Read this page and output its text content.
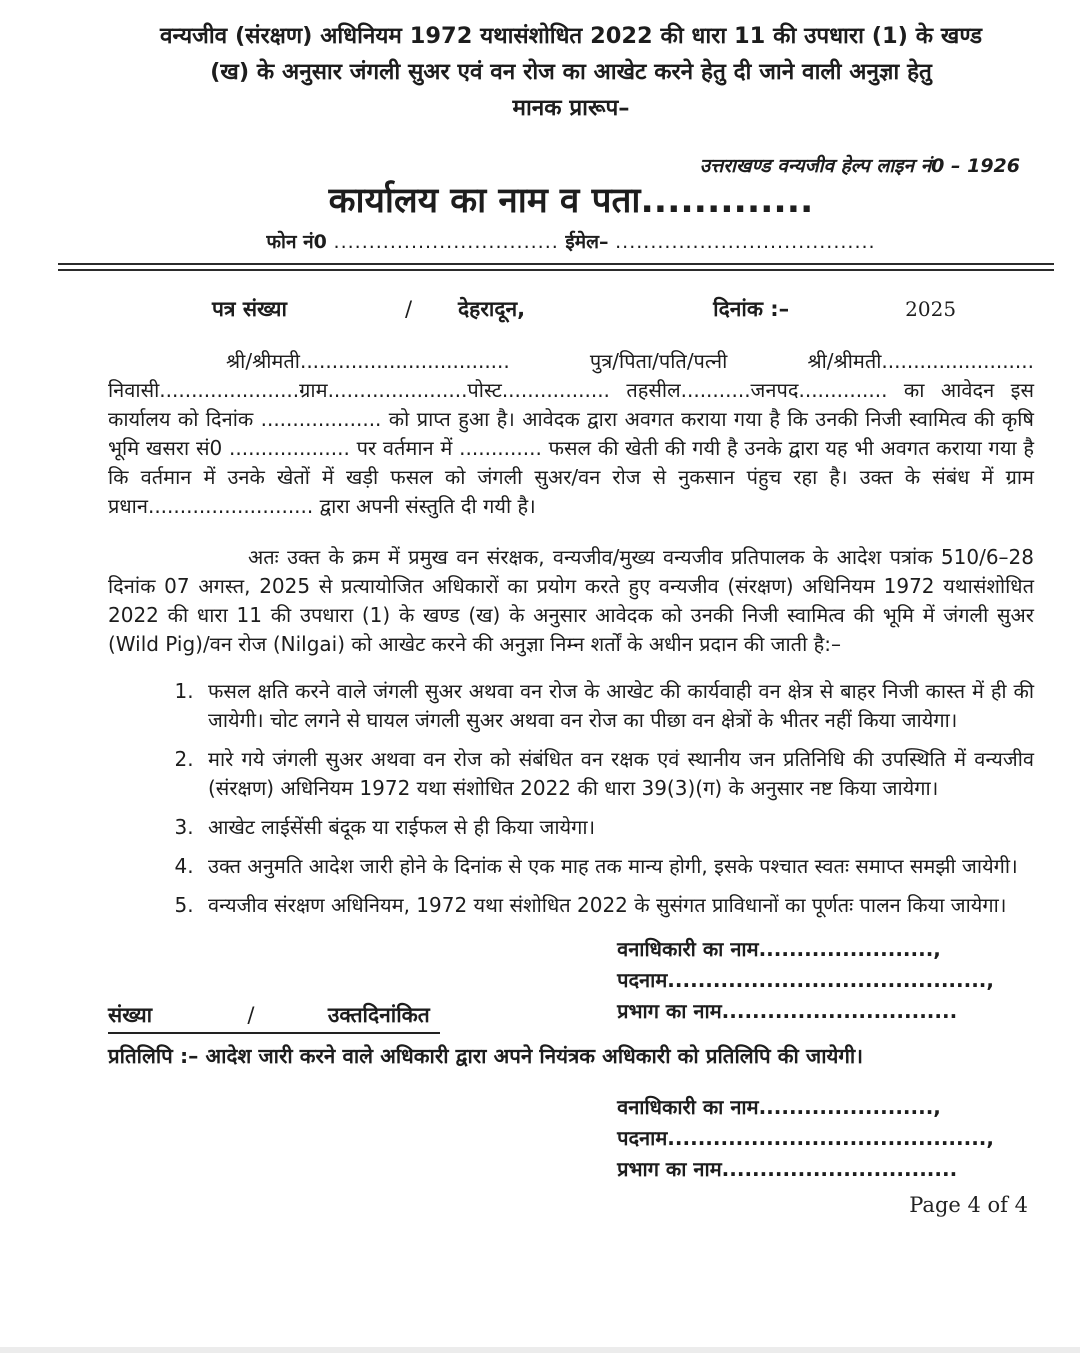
वन्यजीव (संरक्षण) अधिनियम 1972 यथासंशोधित 2022 की धारा 11 की उपधारा (1) के खण्ड
(ख) के अनुसार जंगली सुअर एवं वन रोज का आखेट करने हेतु दी जाने वाली अनुज्ञा हेतु
मानक प्रारूप–
उत्तराखण्ड वन्यजीव हेल्प लाइन नं0 – 1926
कार्यालय का नाम व पता.............
फोन नं0 ................................ ईमेल– .....................................
पत्र संख्या	/ देहरादून,	दिनांक :–	2025

श्री/श्रीमती................................. पुत्र/पिता/पति/पत्नी श्री/श्रीमती........................ निवासी......................ग्राम......................पोस्ट................. तहसील...........जनपद.............. का आवेदन इस कार्यालय को दिनांक ................... को प्राप्त हुआ है। आवेदक द्वारा अवगत कराया गया है कि उनकी निजी स्वामित्व की कृषि भूमि खसरा सं0 ................... पर वर्तमान में ............. फसल की खेती की गयी है उनके द्वारा यह भी अवगत कराया गया है कि वर्तमान में उनके खेतों में खड़ी फसल को जंगली सुअर/वन रोज से नुकसान पंहुच रहा है। उक्त के संबंध में ग्राम प्रधान.......................... द्वारा अपनी संस्तुति दी गयी है।

अतः उक्त के क्रम में प्रमुख वन संरक्षक, वन्यजीव/मुख्य वन्यजीव प्रतिपालक के आदेश पत्रांक 510/6–28 दिनांक 07 अगस्त, 2025 से प्रत्यायोजित अधिकारों का प्रयोग करते हुए वन्यजीव (संरक्षण) अधिनियम 1972 यथासंशोधित 2022 की धारा 11 की उपधारा (1) के खण्ड (ख) के अनुसार आवेदक को उनकी निजी स्वामित्व की भूमि में जंगली सुअर (Wild Pig)/वन रोज (Nilgai) को आखेट करने की अनुज्ञा निम्न शर्तों के अधीन प्रदान की जाती है:–

1. फसल क्षति करने वाले जंगली सुअर अथवा वन रोज के आखेट की कार्यवाही वन क्षेत्र से बाहर निजी कास्त में ही की जायेगी। चोट लगने से घायल जंगली सुअर अथवा वन रोज का पीछा वन क्षेत्रों के भीतर नहीं किया जायेगा।
2. मारे गये जंगली सुअर अथवा वन रोज को संबंधित वन रक्षक एवं स्थानीय जन प्रतिनिधि की उपस्थिति में वन्यजीव (संरक्षण) अधिनियम 1972 यथा संशोधित 2022 की धारा 39(3)(ग) के अनुसार नष्ट किया जायेगा।
3. आखेट लाईसेंसी बंदूक या राईफल से ही किया जायेगा।
4. उक्त अनुमति आदेश जारी होने के दिनांक से एक माह तक मान्य होगी, इसके पश्चात स्वतः समाप्त समझी जायेगी।
5. वन्यजीव संरक्षण अधिनियम, 1972 यथा संशोधित 2022 के सुसंगत प्राविधानों का पूर्णतः पालन किया जायेगा।
वनाधिकारी का नाम.......................,
पदनाम..........................................,
प्रभाग का नाम...............................
संख्या	/	उक्तदिनांकित
प्रतिलिपि :– आदेश जारी करने वाले अधिकारी द्वारा अपने नियंत्रक अधिकारी को प्रतिलिपि की जायेगी।
वनाधिकारी का नाम.......................,
पदनाम..........................................,
प्रभाग का नाम...............................
Page 4 of 4
